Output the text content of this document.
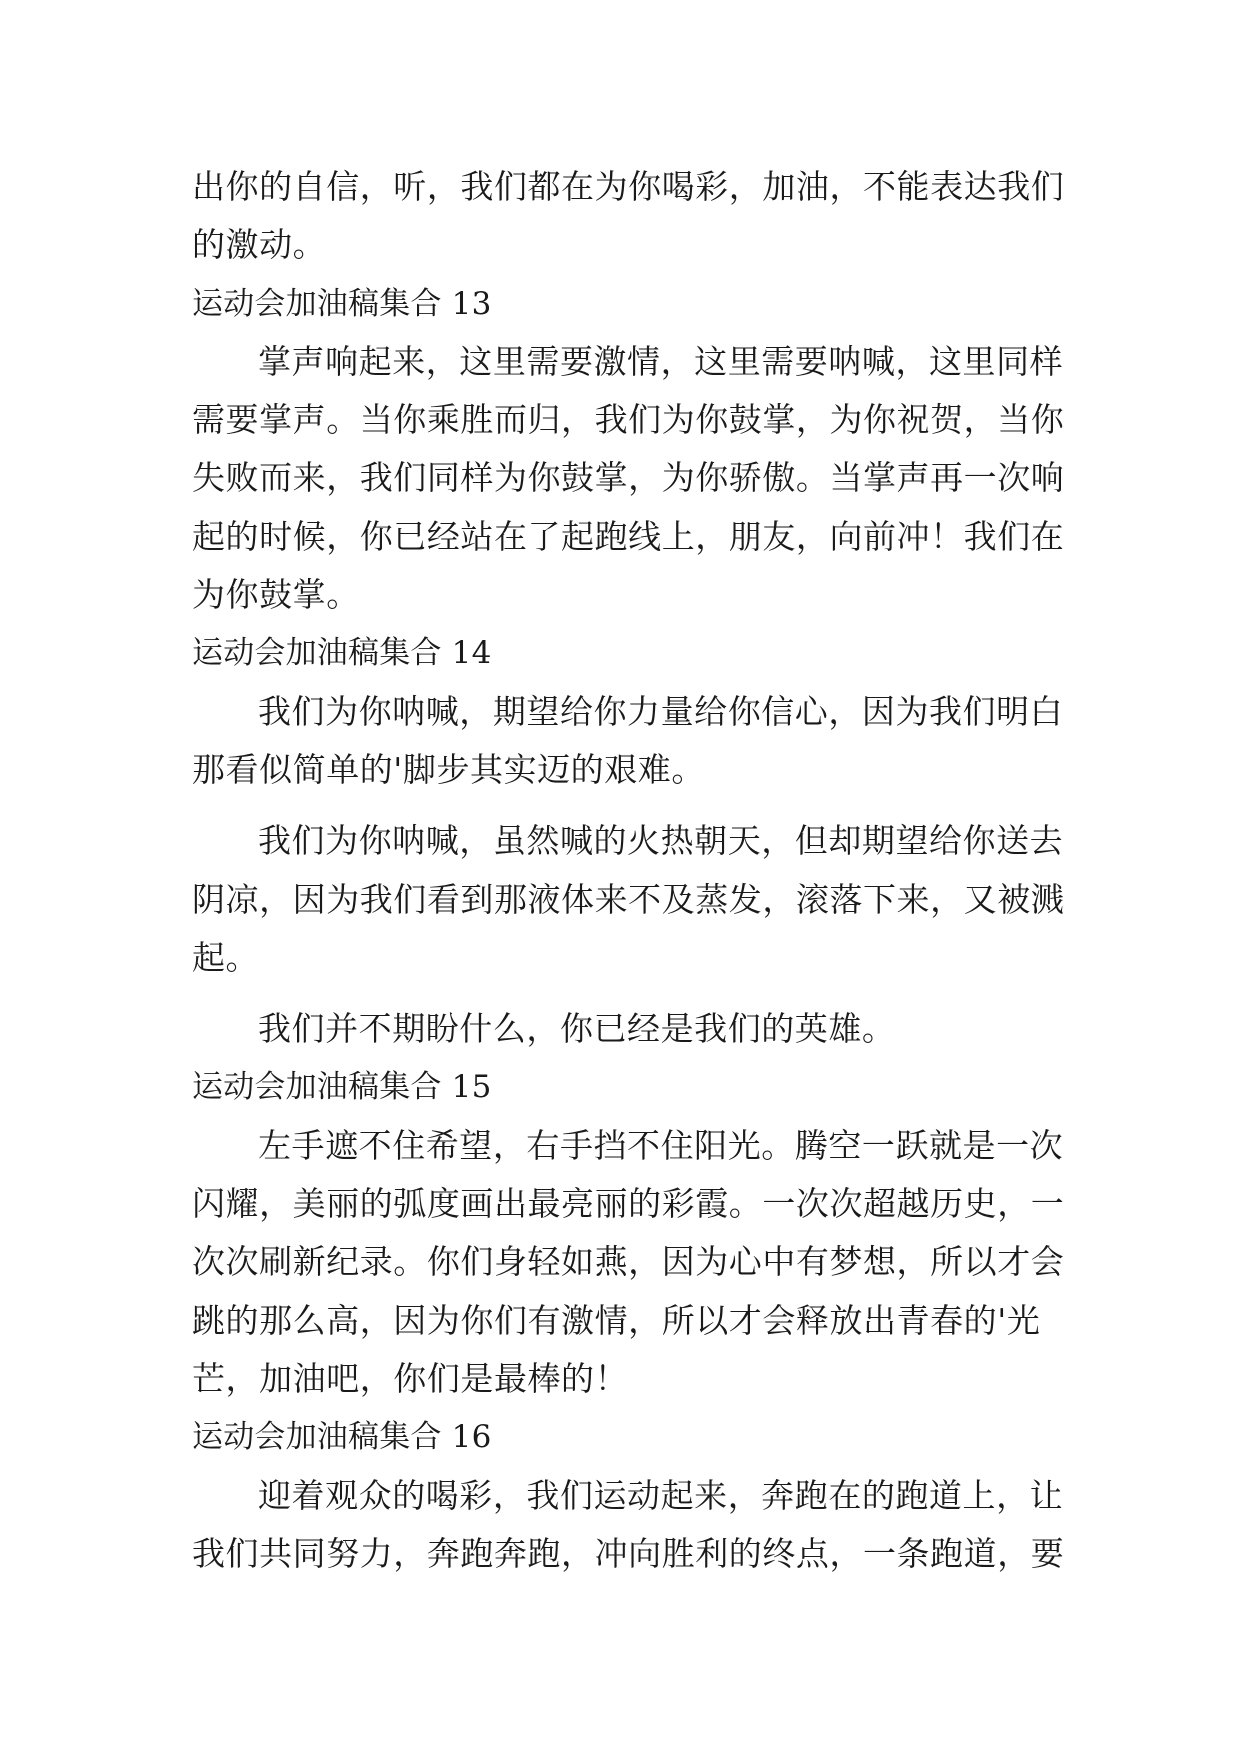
出你的自信，听，我们都在为你喝彩，加油，不能表达我们
的激动。
运动会加油稿集合 13
掌声响起来，这里需要激情，这里需要呐喊，这里同样
需要掌声。当你乘胜而归，我们为你鼓掌，为你祝贺，当你
失败而来，我们同样为你鼓掌，为你骄傲。当掌声再一次响
起的时候，你已经站在了起跑线上，朋友，向前冲！我们在
为你鼓掌。
运动会加油稿集合 14
我们为你呐喊，期望给你力量给你信心，因为我们明白
那看似简单的'脚步其实迈的艰难。
我们为你呐喊，虽然喊的火热朝天，但却期望给你送去
阴凉，因为我们看到那液体来不及蒸发，滚落下来，又被溅
起。
我们并不期盼什么，你已经是我们的英雄。
运动会加油稿集合 15
左手遮不住希望，右手挡不住阳光。腾空一跃就是一次
闪耀，美丽的弧度画出最亮丽的彩霞。一次次超越历史，一
次次刷新纪录。你们身轻如燕，因为心中有梦想，所以才会
跳的那么高，因为你们有激情，所以才会释放出青春的'光
芒，加油吧，你们是最棒的！
运动会加油稿集合 16
迎着观众的喝彩，我们运动起来，奔跑在的跑道上，让
我们共同努力，奔跑奔跑，冲向胜利的终点，一条跑道，要
